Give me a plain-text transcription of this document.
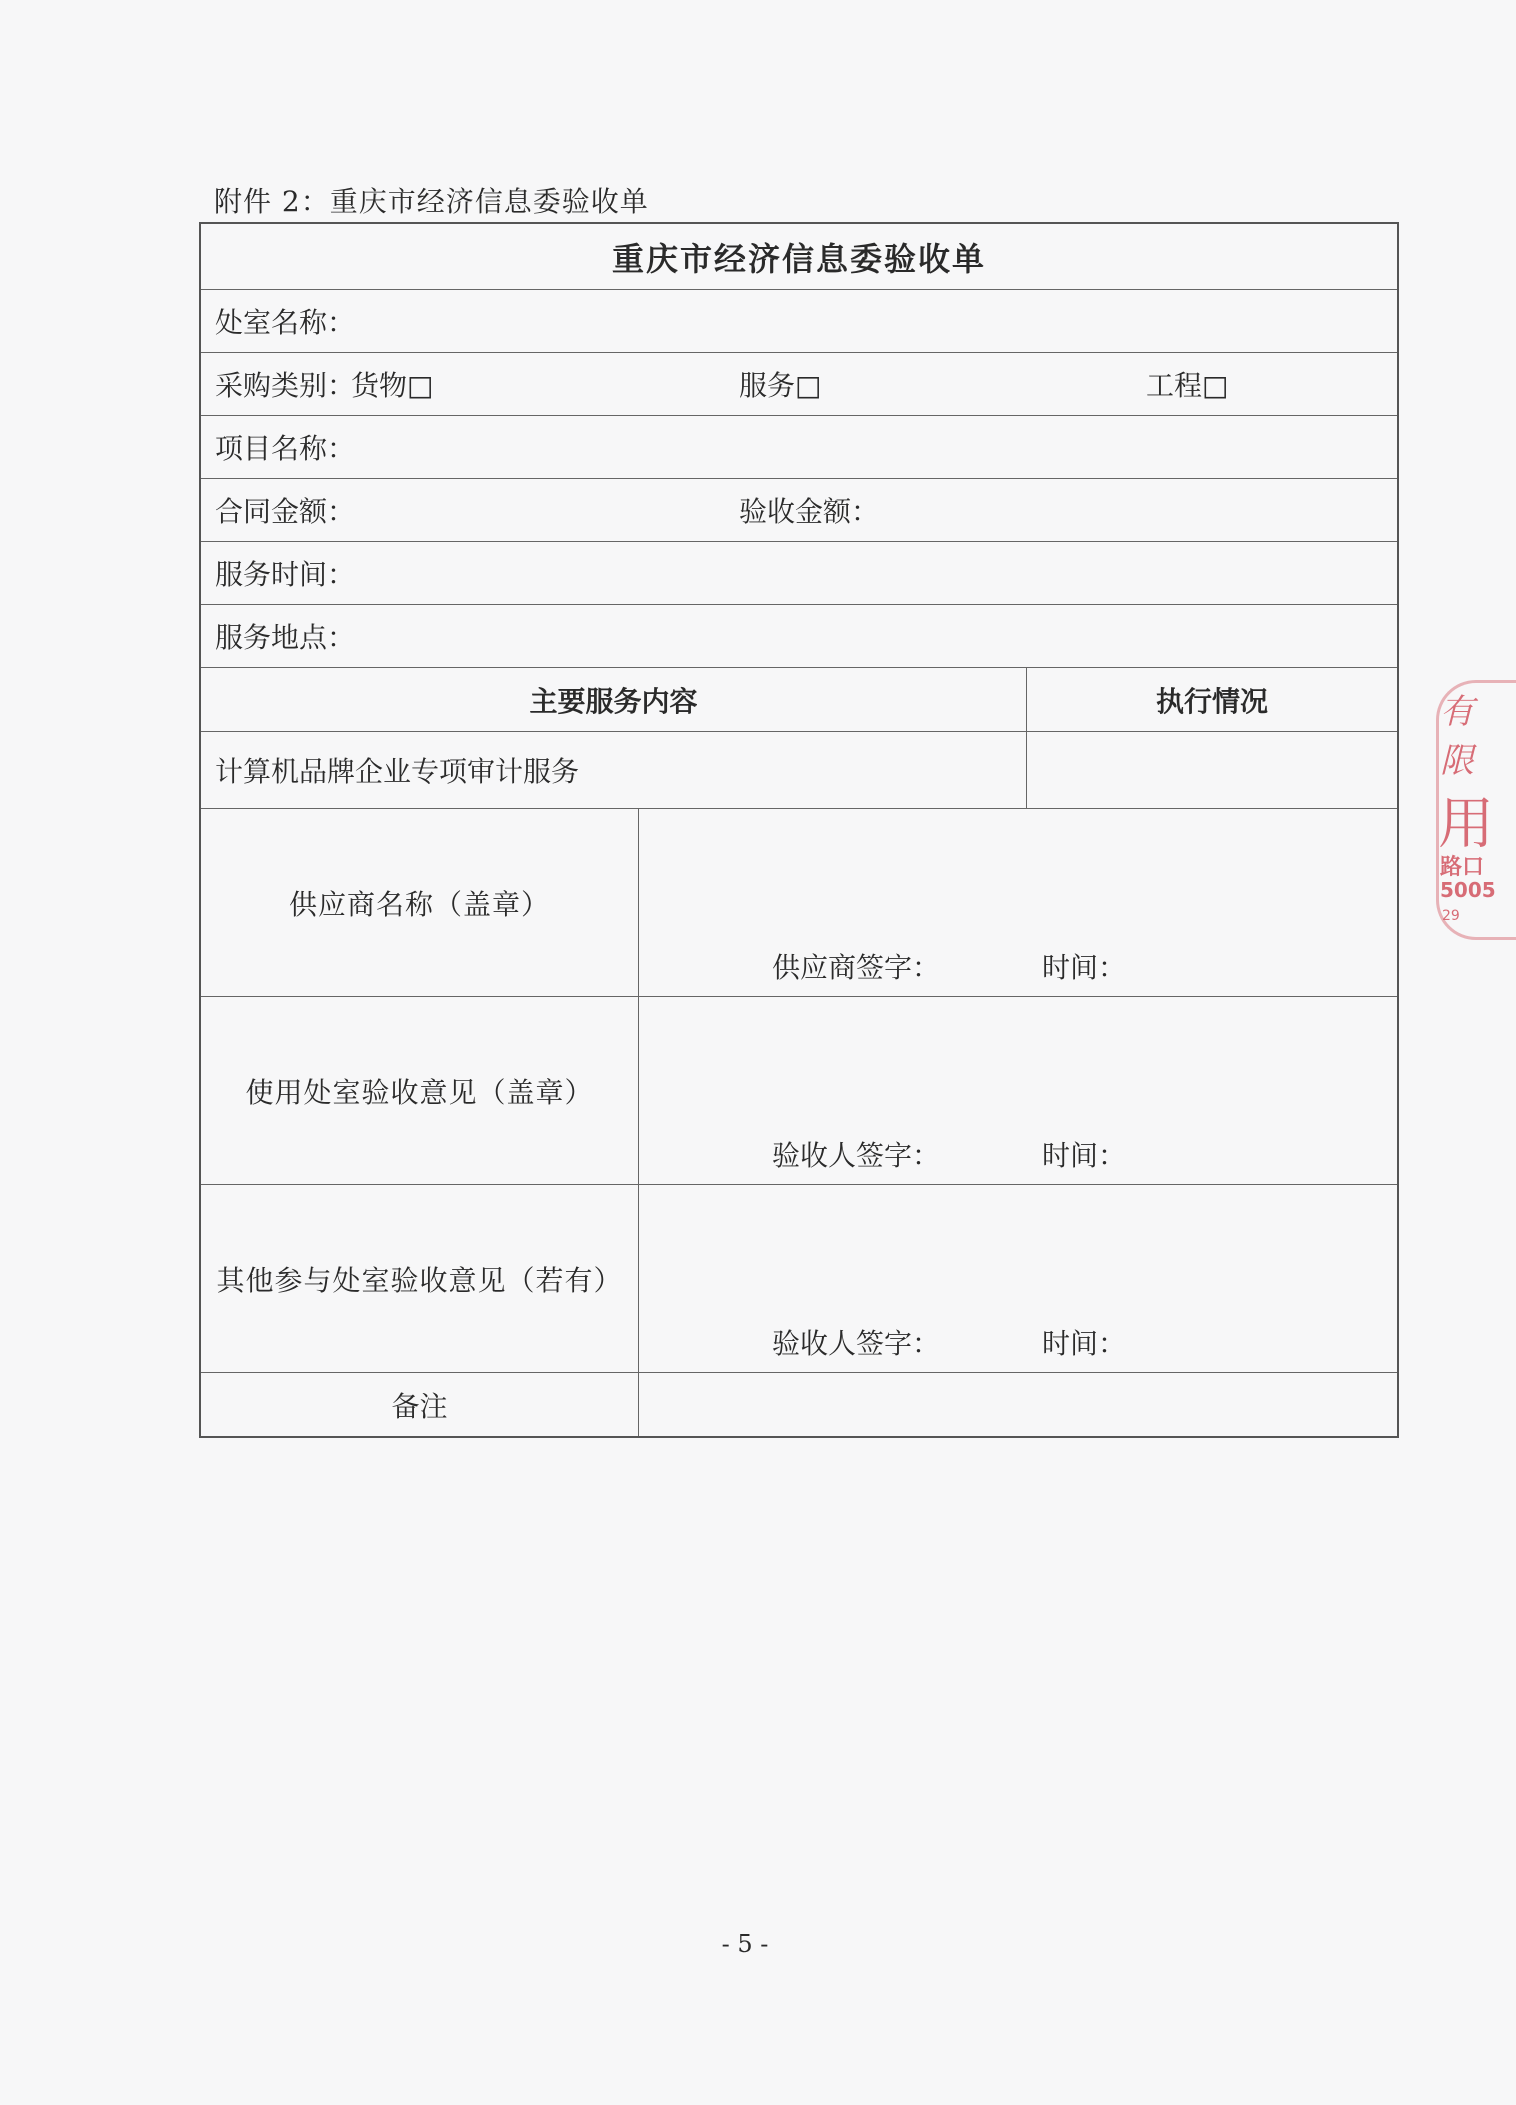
附件 2：重庆市经济信息委验收单
重庆市经济信息委验收单
处室名称：
采购类别：
货物□	服务□	工程□
项目名称：
合同金额：	验收金额：
服务时间：
服务地点：
主要服务内容	执行情况
计算机品牌企业专项审计服务
供应商名称（盖章）
供应商签字：	时间：
使用处室验收意见（盖章）
验收人签字：	时间：
其他参与处室验收意见（若有）
验收人签字：	时间：
备注
- 5 -
有限
用
路口
5005
29
